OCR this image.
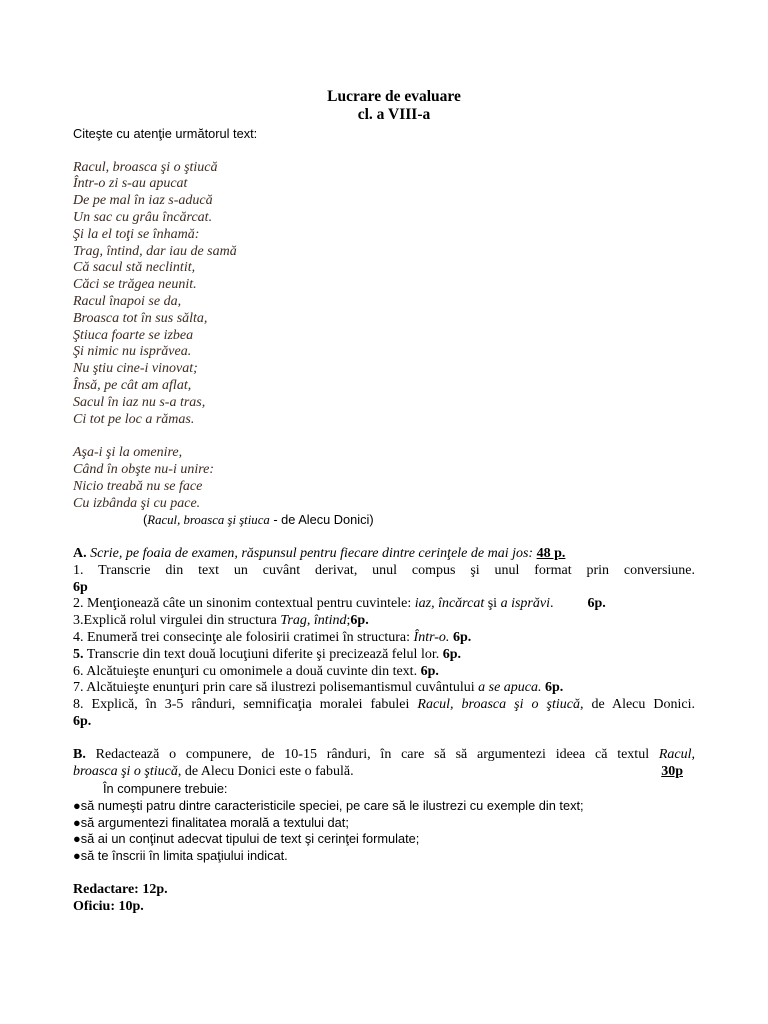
Lucrare de evaluare
cl. a VIII-a
Citeşte cu atenţie următorul text:
Racul, broasca şi o ştiucă
Într-o zi s-au apucat
De pe mal în iaz s-aducă
Un sac cu grâu încărcat.
Şi la el toţi se înhamă:
Trag, întind, dar iau de samă
Că sacul stă neclintit,
Căci se trăgea neunit.
Racul înapoi se da,
Broasca tot în sus sălta,
Ştiuca foarte se izbea
Şi nimic nu isprăvea.
Nu ştiu cine-i vinovat;
Însă, pe cât am aflat,
Sacul în iaz nu s-a tras,
Ci tot pe loc a rămas.
Aşa-i şi la omenire,
Când în obşte nu-i unire:
Nicio treabă nu se face
Cu izbânda şi cu pace.
(Racul, broasca şi ştiuca - de Alecu Donici)
A. Scrie, pe foaia de examen, răspunsul pentru fiecare dintre cerinţele de mai jos: 48 p.
1. Transcrie din text un cuvânt derivat, unul compus şi unul format prin conversiune.
6p
2. Menţionează câte un sinonim contextual pentru cuvintele: iaz, încărcat şi a isprăvi. 6p.
3.Explică rolul virgulei din structura Trag, întind;6p.
4. Enumeră trei consecinţe ale folosirii cratimei în structura: Într-o. 6p.
5. Transcrie din text două locuţiuni diferite şi precizează felul lor. 6p.
6. Alcătuieşte enunţuri cu omonimele a două cuvinte din text. 6p.
7. Alcătuieşte enunţuri prin care să ilustrezi polisemantismul cuvântului a se apuca. 6p.
8. Explică, în 3-5 rânduri, semnificaţia moralei fabulei Racul, broasca şi o ştiucă, de Alecu Donici.
6p.
B. Redactează o compunere, de 10-15 rânduri, în care să să argumentezi ideea că textul Racul,
broasca şi o ştiucă, de Alecu Donici este o fabulă.	30p
În compunere trebuie:
●să numeşti patru dintre caracteristicile speciei, pe care să le ilustrezi cu exemple din text;
●să argumentezi finalitatea morală a textului dat;
●să ai un conţinut adecvat tipului de text şi cerinţei formulate;
●să te înscrii în limita spaţiului indicat.
Redactare: 12p.
Oficiu: 10p.
